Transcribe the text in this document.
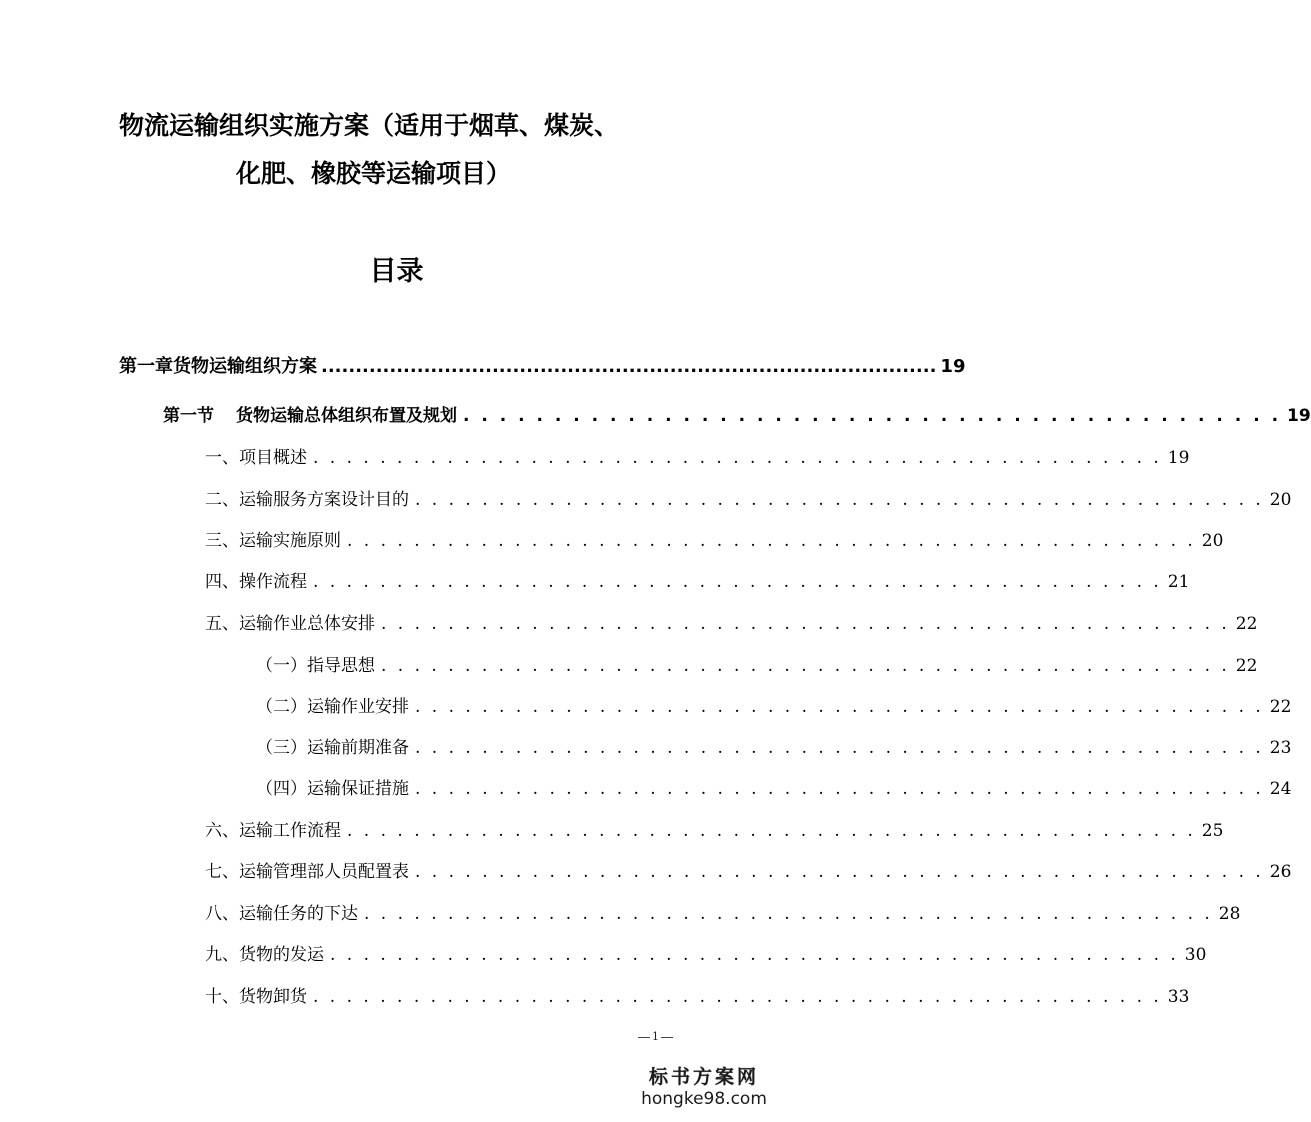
物流运输组织实施方案（适用于烟草、煤炭、
化肥、橡胶等运输项目）
目录
第一章货物运输组织方案 .......................................................................................... 19
第一节 货物运输总体组织布置及规划 . . . . . . . . . . . . . . . . . . . . . . . . . . . . . . . . . . . . . . . . . . . . . 19
一、项目概述 . . . . . . . . . . . . . . . . . . . . . . . . . . . . . . . . . . . . . . . . . . . . . . . . . . . 19
二、运输服务方案设计目的 . . . . . . . . . . . . . . . . . . . . . . . . . . . . . . . . . . . . . . . . . . . . . . . . . . . 20
三、运输实施原则 . . . . . . . . . . . . . . . . . . . . . . . . . . . . . . . . . . . . . . . . . . . . . . . . . . . 20
四、操作流程 . . . . . . . . . . . . . . . . . . . . . . . . . . . . . . . . . . . . . . . . . . . . . . . . . . . 21
五、运输作业总体安排 . . . . . . . . . . . . . . . . . . . . . . . . . . . . . . . . . . . . . . . . . . . . . . . . . . . 22
（一）指导思想 . . . . . . . . . . . . . . . . . . . . . . . . . . . . . . . . . . . . . . . . . . . . . . . . . . . 22
（二）运输作业安排 . . . . . . . . . . . . . . . . . . . . . . . . . . . . . . . . . . . . . . . . . . . . . . . . . . . 22
（三）运输前期准备 . . . . . . . . . . . . . . . . . . . . . . . . . . . . . . . . . . . . . . . . . . . . . . . . . . . 23
（四）运输保证措施 . . . . . . . . . . . . . . . . . . . . . . . . . . . . . . . . . . . . . . . . . . . . . . . . . . . 24
六、运输工作流程 . . . . . . . . . . . . . . . . . . . . . . . . . . . . . . . . . . . . . . . . . . . . . . . . . . . 25
七、运输管理部人员配置表 . . . . . . . . . . . . . . . . . . . . . . . . . . . . . . . . . . . . . . . . . . . . . . . . . . . 26
八、运输任务的下达 . . . . . . . . . . . . . . . . . . . . . . . . . . . . . . . . . . . . . . . . . . . . . . . . . . . 28
九、货物的发运 . . . . . . . . . . . . . . . . . . . . . . . . . . . . . . . . . . . . . . . . . . . . . . . . . . . 30
十、货物卸货 . . . . . . . . . . . . . . . . . . . . . . . . . . . . . . . . . . . . . . . . . . . . . . . . . . . 33
1
标书方案网
hongke98.com
